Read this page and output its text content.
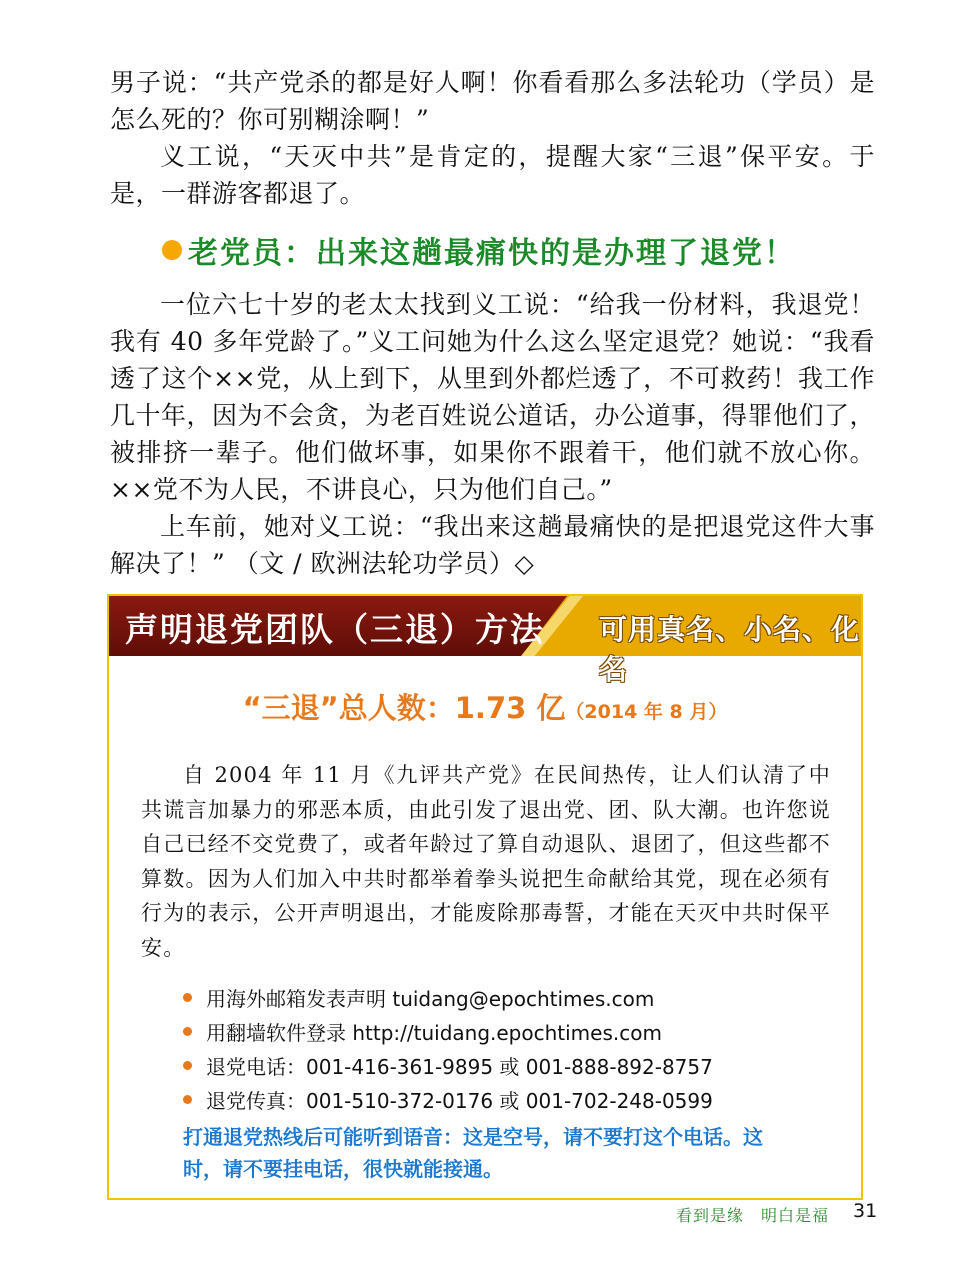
男子说：“共产党杀的都是好人啊！你看看那么多法轮功（学员）是怎么死的？你可别糊涂啊！”

义工说，“天灭中共”是肯定的，提醒大家“三退”保平安。于是，一群游客都退了。

老党员：出来这趟最痛快的是办理了退党！

一位六七十岁的老太太找到义工说：“给我一份材料，我退党！我有 40 多年党龄了。”义工问她为什么这么坚定退党？她说：“我看透了这个××党，从上到下，从里到外都烂透了，不可救药！我工作几十年，因为不会贪，为老百姓说公道话，办公道事，得罪他们了，被排挤一辈子。他们做坏事，如果你不跟着干，他们就不放心你。××党不为人民，不讲良心，只为他们自己。”

上车前，她对义工说：“我出来这趟最痛快的是把退党这件大事解决了！” （文 / 欧洲法轮功学员）◇

声明退党团队（三退）方法 可用真名、小名、化名
“三退”总人数：1.73 亿（2014 年 8 月）

自 2004 年 11 月《九评共产党》在民间热传，让人们认清了中共谎言加暴力的邪恶本质，由此引发了退出党、团、队大潮。也许您说自己已经不交党费了，或者年龄过了算自动退队、退团了，但这些都不算数。因为人们加入中共时都举着拳头说把生命献给其党，现在必须有行为的表示，公开声明退出，才能废除那毒誓，才能在天灭中共时保平安。

用海外邮箱发表声明 tuidang@epochtimes.com
用翻墙软件登录 http://tuidang.epochtimes.com
退党电话：001-416-361-9895 或 001-888-892-8757
退党传真：001-510-372-0176 或 001-702-248-0599

打通退党热线后可能听到语音：这是空号，请不要打这个电话。这时，请不要挂电话，很快就能接通。

看到是缘　明白是福 31
